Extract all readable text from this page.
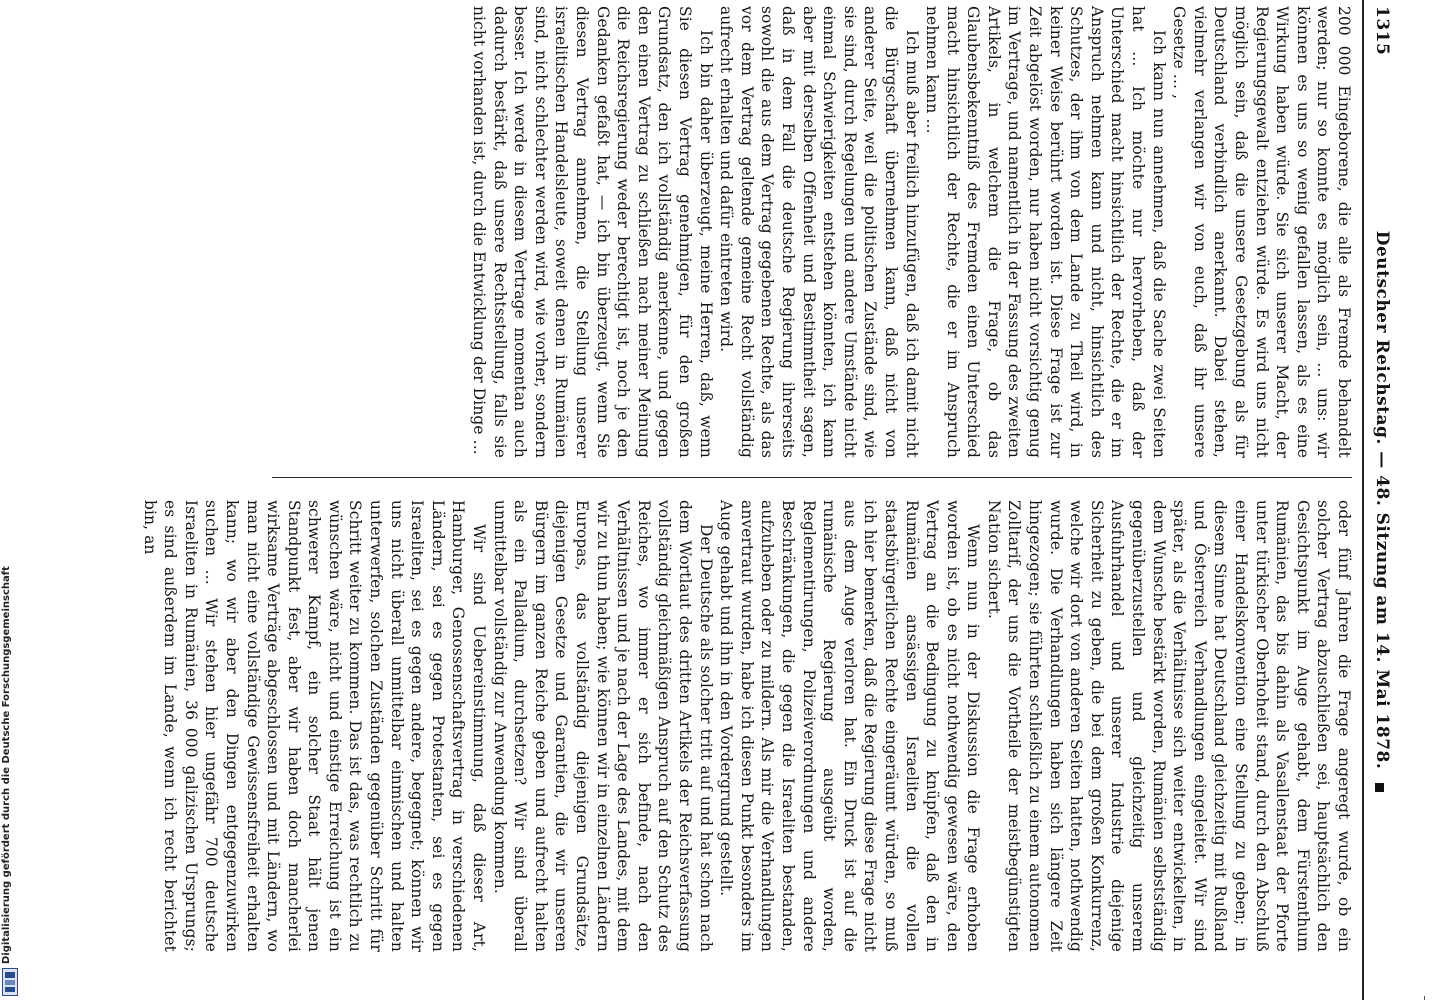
1315
Deutscher Reichstag. — 48. Sitzung am 14. Mai 1878.

200 000 Eingeborene, die alle als Fremde behandelt werden; nur so konnte es möglich sein, ... uns: wir können es uns so wenig gefallen lassen, als es eine Wirkung haben würde. Sie sich unserer Macht, der Regierungsgewalt entziehen würde. Es wird uns nicht möglich sein, daß die unsere Gesetzgebung als für Deutschland verbindlich anerkannt. Dabei stehen, vielmehr verlangen wir von euch, daß ihr unsere Gesetze ... ,

Ich kann nun annehmen, daß die Sache zwei Seiten hat ... Ich möchte nur hervorheben, daß der Unterschied macht hinsichtlich der Rechte, die er im Anspruch nehmen kann und nicht, hinsichtlich des Schutzes, der ihm von dem Lande zu Theil wird, in keiner Weise berührt worden ist. Diese Frage ist zur Zeit abgelöst worden, nur haben nicht vorsichtig genug im Vertrage, und namentlich in der Fassung des zweiten Artikels, in welchem die Frage, ob das Glaubensbekenntniß des Fremden einen Unterschied macht hinsichtlich der Rechte, die er im Anspruch nehmen kann ...

Ich muß aber freilich hinzufügen, daß ich damit nicht die Bürgschaft übernehmen kann, daß nicht von anderer Seite, weil die politischen Zustände sind, wie sie sind, durch Regelungen und andere Umstände nicht einmal Schwierigkeiten entstehen könnten, ich kann aber mit derselben Offenheit und Bestimmtheit sagen, daß in dem Fall die deutsche Regierung ihrerseits sowohl die aus dem Vertrag gegebenen Rechte, als das vor dem Vertrag geltende gemeine Recht vollständig aufrecht erhalten und dafür eintreten wird.

Ich bin daher überzeugt, meine Herren, daß, wenn Sie diesen Vertrag genehmigen, für den großen Grundsatz, den ich vollständig anerkenne, und gegen den einen Vertrag zu schließen nach meiner Meinung die Reichsregierung weder berechtigt ist, noch je den Gedanken gefaßt hat, — ich bin überzeugt, wenn Sie diesen Vertrag annehmen, die Stellung unserer israelitischen Handelsleute, soweit denen in Rumänien sind, nicht schlechter werden wird, wie vorher, sondern besser. Ich werde in diesem Vertrage momentan auch dadurch bestärkt, daß unsere Rechtsstellung, falls sie nicht vorhanden ist, durch die Entwicklung der Dinge ...

oder fünf Jahren die Frage angeregt wurde, ob ein solcher Vertrag abzuschließen sei, hauptsächlich den Gesichtspunkt im Auge gehabt, dem Fürstenthum Rumänien, das bis dahin als Vasallenstaat der Pforte unter türkischer Oberhoheit stand, durch den Abschluß einer Handelskonvention eine Stellung zu geben; in diesem Sinne hat Deutschland gleichzeitig mit Rußland und Österreich Verhandlungen eingeleitet. Wir sind später, als die Verhältnisse sich weiter entwickelten, in dem Wunsche bestärkt worden, Rumänien selbstständig gegenüberzustellen und gleichzeitig unserem Ausfuhrhandel und unserer Industrie diejenige Sicherheit zu geben, die bei dem großen Konkurrenz, welche wir dort von anderen Seiten hatten, nothwendig wurde. Die Verhandlungen haben sich längere Zeit hingezogen; sie führten schließlich zu einem autonomen Zolltarif, der uns die Vortheile der meistbegünstigten Nation sichert.

Wenn nun in der Diskussion die Frage erhoben worden ist, ob es nicht nothwendig gewesen wäre, den Vertrag an die Bedingung zu knüpfen, daß den in Rumänien ansässigen Israeliten die vollen staatsbürgerlichen Rechte eingeräumt würden, so muß ich hier bemerken, daß die Regierung diese Frage nicht aus dem Auge verloren hat. Ein Druck ist auf die rumänische Regierung ausgeübt worden, Reglementirungen, Polizeiverordnungen und andere Beschränkungen, die gegen die Israeliten bestanden, aufzuheben oder zu mildern. Als mir die Verhandlungen anvertraut wurden, habe ich diesen Punkt besonders im Auge gehabt und ihn in den Vordergrund gestellt.

Der Deutsche als solcher tritt auf und hat schon nach dem Wortlaut des dritten Artikels der Reichsverfassung vollständig gleichmäßigen Anspruch auf den Schutz des Reiches, wo immer er sich befinde, nach den Verhältnissen und je nach der Lage des Landes, mit dem wir zu thun haben; wie können wir in einzelnen Ländern Europas, das vollständig diejenigen Grundsätze, diejenigen Gesetze und Garantien, die wir unseren Bürgern im ganzen Reiche geben und aufrecht halten als ein Palladium, durchsetzen? Wir sind überall unmittelbar vollständig zur Anwendung kommen.

Wir sind Uebereinstimmung, daß dieser Art, Hamburger, Genossenschaftsvertrag in verschiedenen Ländern, sei es gegen Protestanten, sei es gegen Israeliten, sei es gegen andere, begegnet; können wir uns nicht überall unmittelbar einmischen und halten unterwerfen, solchen Zuständen gegenüber Schritt für Schritt weiter zu kommen. Das ist das, was rechtlich zu wünschen wäre, nicht und einstige Erreichung ist ein schwerer Kampf, ein solcher Staat hält jenen Standpunkt fest, aber wir haben doch mancherlei wirksame Verträge abgeschlossen und mit Ländern, wo man nicht eine vollständige Gewissensfreiheit erhalten kann; wo wir aber den Dingen entgegenzuwirken suchen ... Wir stehen hier ungefähr 700 deutsche Israeliten in Rumänien, 36 000 galizischen Ursprungs; es sind außerdem im Lande, wenn ich recht berichtet bin, an

Digitalisierung gefördert durch die Deutsche Forschungsgemeinschaft
